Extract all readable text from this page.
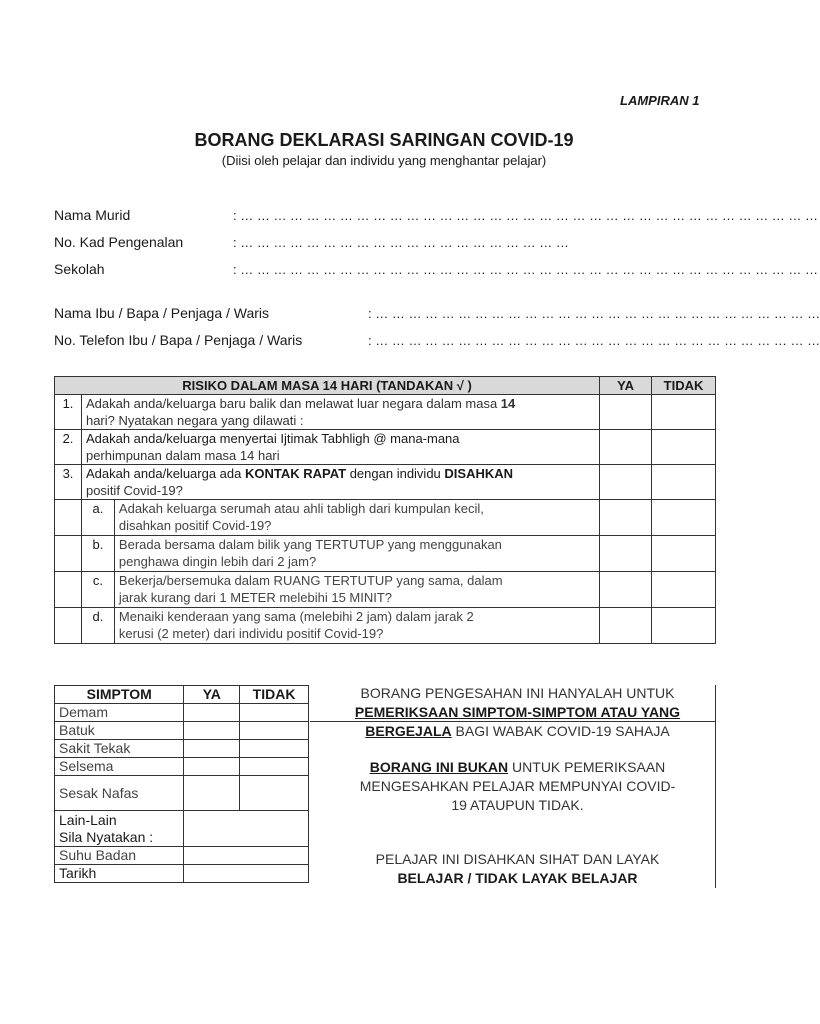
LAMPIRAN 1
BORANG DEKLARASI SARINGAN COVID-19
(Diisi oleh pelajar dan individu yang menghantar pelajar)
Nama Murid	: … … … … … … … … … … … … … … … … … … … … … … … … … … … … … … … … … … …
No. Kad Pengenalan	: … … … … … … … … … … … … … … … … … … … …
Sekolah	: … … … … … … … … … … … … … … … … … … … … … … … … … … … … … … … … … … …
Nama Ibu / Bapa / Penjaga / Waris	: … … … … … … … … … … … … … … … … … … … … … … … … … … …
No. Telefon Ibu / Bapa / Penjaga / Waris	: … … … … … … … … … … … … … … … … … … … … … … … … … … …
RISIKO DALAM MASA 14 HARI (TANDAKAN √ )			YA	TIDAK
1.	Adakah anda/keluarga baru balik dan melawat luar negara dalam masa 14
hari? Nyatakan negara yang dilawati :			
2.	Adakah anda/keluarga menyertai Ijtimak Tabhligh @ mana-mana
perhimpunan dalam masa 14 hari			
3.	Adakah anda/keluarga ada KONTAK RAPAT dengan individu DISAHKAN
positif Covid-19?			
	a.	Adakah keluarga serumah atau ahli tabligh dari kumpulan kecil,
disahkan positif Covid-19?		
	b.	Berada bersama dalam bilik yang TERTUTUP yang menggunakan
penghawa dingin lebih dari 2 jam?		
	c.	Bekerja/bersemuka dalam RUANG TERTUTUP yang sama, dalam
jarak kurang dari 1 METER melebihi 15 MINIT?		
	d.	Menaiki kenderaan yang sama (melebihi 2 jam) dalam jarak 2
kerusi (2 meter) dari individu positif Covid-19?		
SIMPTOM	YA	TIDAK
Demam		
Batuk		
Sakit Tekak		
Selsema		
Sesak Nafas		
Lain-Lain
Sila Nyatakan :		
Suhu Badan		
Tarikh		
BORANG PENGESAHAN INI HANYALAH UNTUK
PEMERIKSAAN SIMPTOM-SIMPTOM ATAU YANG
BERGEJALA BAGI WABAK COVID-19 SAHAJA
BORANG INI BUKAN UNTUK PEMERIKSAAN
MENGESAHKAN PELAJAR MEMPUNYAI COVID-
19 ATAUPUN TIDAK.
PELAJAR INI DISAHKAN SIHAT DAN LAYAK
BELAJAR / TIDAK LAYAK BELAJAR
